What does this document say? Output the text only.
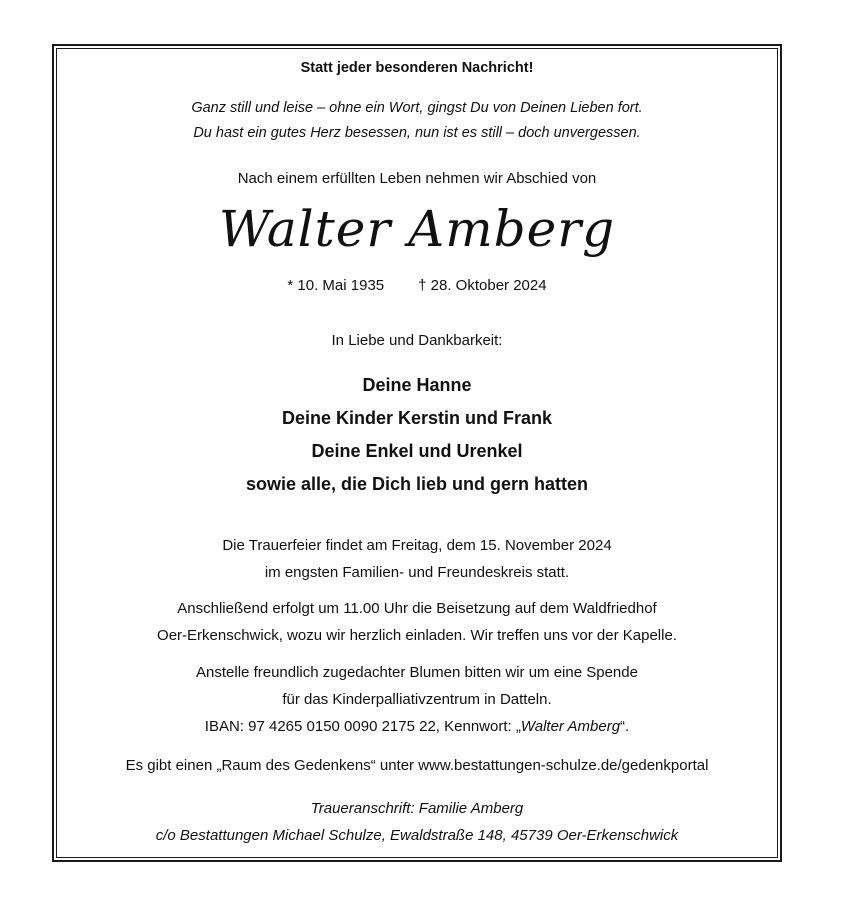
Statt jeder besonderen Nachricht!
Ganz still und leise – ohne ein Wort, gingst Du von Deinen Lieben fort.
Du hast ein gutes Herz besessen, nun ist es still – doch unvergessen.
Nach einem erfüllten Leben nehmen wir Abschied von
Walter Amberg
* 10. Mai 1935 † 28. Oktober 2024
In Liebe und Dankbarkeit:
Deine Hanne
Deine Kinder Kerstin und Frank
Deine Enkel und Urenkel
sowie alle, die Dich lieb und gern hatten
Die Trauerfeier findet am Freitag, dem 15. November 2024
im engsten Familien- und Freundeskreis statt.
Anschließend erfolgt um 11.00 Uhr die Beisetzung auf dem Waldfriedhof
Oer-Erkenschwick, wozu wir herzlich einladen. Wir treffen uns vor der Kapelle.
Anstelle freundlich zugedachter Blumen bitten wir um eine Spende
für das Kinderpalliativzentrum in Datteln.
IBAN: 97 4265 0150 0090 2175 22, Kennwort: „Walter Amberg“.
Es gibt einen „Raum des Gedenkens“ unter www.bestattungen-schulze.de/gedenkportal
Traueranschrift: Familie Amberg
c/o Bestattungen Michael Schulze, Ewaldstraße 148, 45739 Oer-Erkenschwick
